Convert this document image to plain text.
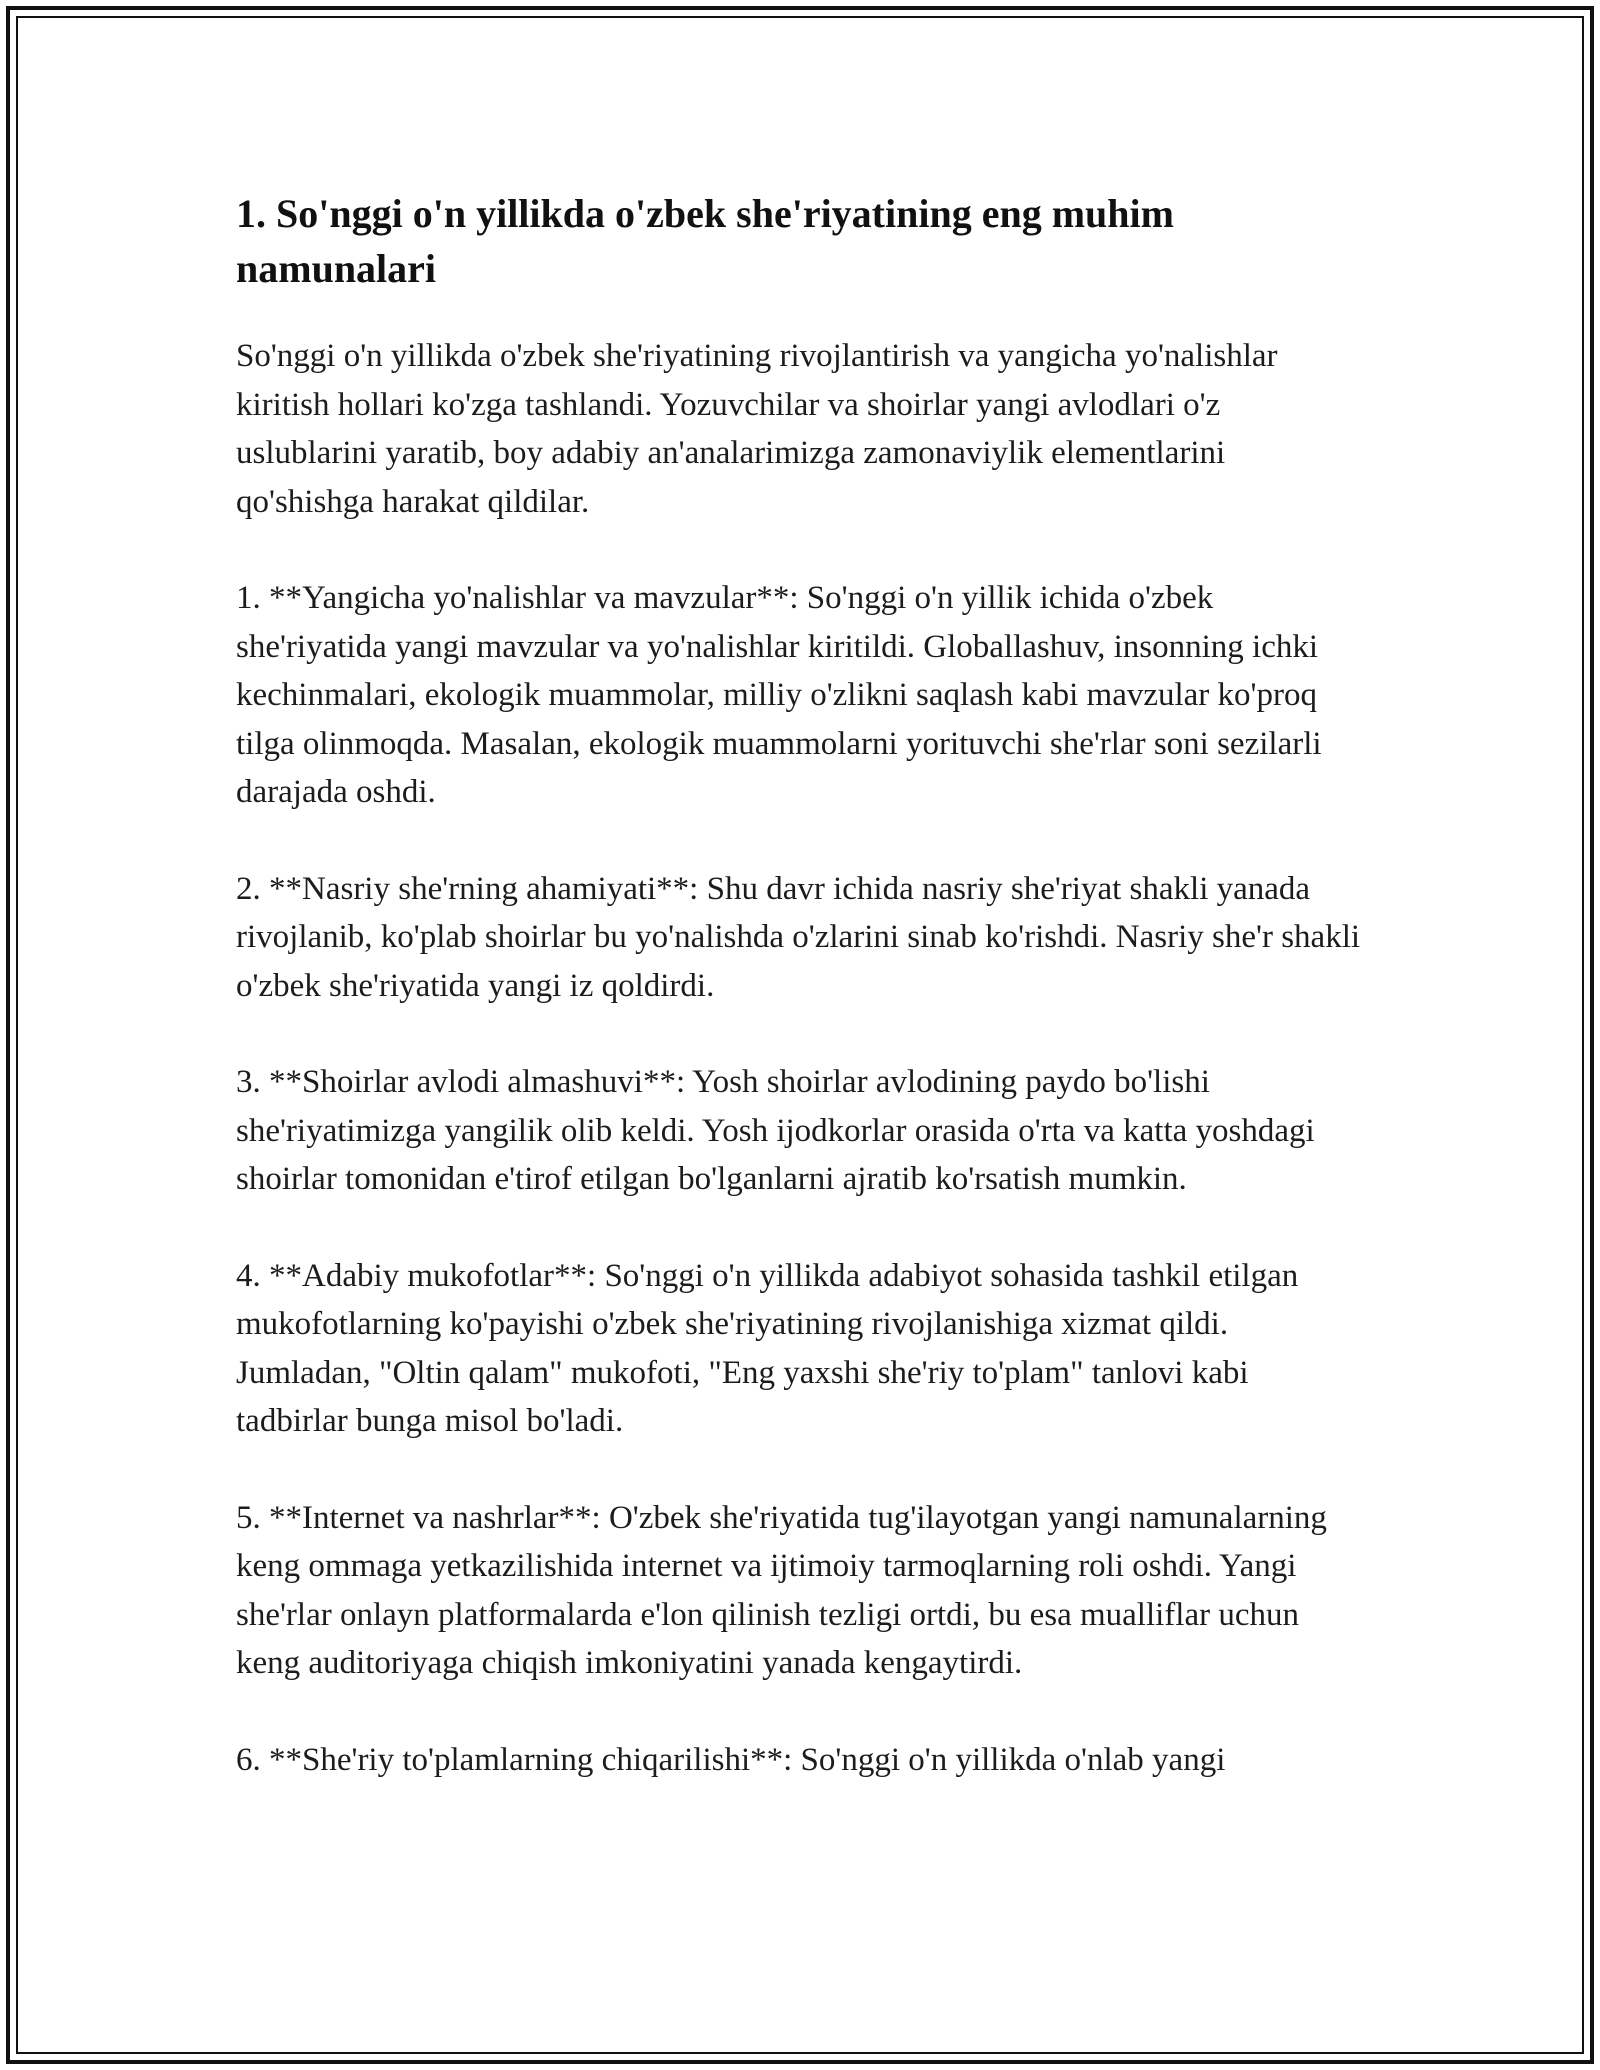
1. So'nggi o'n yillikda o'zbek she'riyatining eng muhim namunalari

So'nggi o'n yillikda o'zbek she'riyatining rivojlantirish va yangicha yo'nalishlar kiritish hollari ko'zga tashlandi. Yozuvchilar va shoirlar yangi avlodlari o'z uslublarini yaratib, boy adabiy an'analarimizga zamonaviylik elementlarini qo'shishga harakat qildilar.

1. **Yangicha yo'nalishlar va mavzular**: So'nggi o'n yillik ichida o'zbek she'riyatida yangi mavzular va yo'nalishlar kiritildi. Globallashuv, insonning ichki kechinmalari, ekologik muammolar, milliy o'zlikni saqlash kabi mavzular ko'proq tilga olinmoqda. Masalan, ekologik muammolarni yorituvchi she'rlar soni sezilarli darajada oshdi.

2. **Nasriy she'rning ahamiyati**: Shu davr ichida nasriy she'riyat shakli yanada rivojlanib, ko'plab shoirlar bu yo'nalishda o'zlarini sinab ko'rishdi. Nasriy she'r shakli o'zbek she'riyatida yangi iz qoldirdi.

3. **Shoirlar avlodi almashuvi**: Yosh shoirlar avlodining paydo bo'lishi she'riyatimizga yangilik olib keldi. Yosh ijodkorlar orasida o'rta va katta yoshdagi shoirlar tomonidan e'tirof etilgan bo'lganlarni ajratib ko'rsatish mumkin.

4. **Adabiy mukofotlar**: So'nggi o'n yillikda adabiyot sohasida tashkil etilgan mukofotlarning ko'payishi o'zbek she'riyatining rivojlanishiga xizmat qildi. Jumladan, "Oltin qalam" mukofoti, "Eng yaxshi she'riy to'plam" tanlovi kabi tadbirlar bunga misol bo'ladi.

5. **Internet va nashrlar**: O'zbek she'riyatida tug'ilayotgan yangi namunalarning keng ommaga yetkazilishida internet va ijtimoiy tarmoqlarning roli oshdi. Yangi she'rlar onlayn platformalarda e'lon qilinish tezligi ortdi, bu esa mualliflar uchun keng auditoriyaga chiqish imkoniyatini yanada kengaytirdi.

6. **She'riy to'plamlarning chiqarilishi**: So'nggi o'n yillikda o'nlab yangi
